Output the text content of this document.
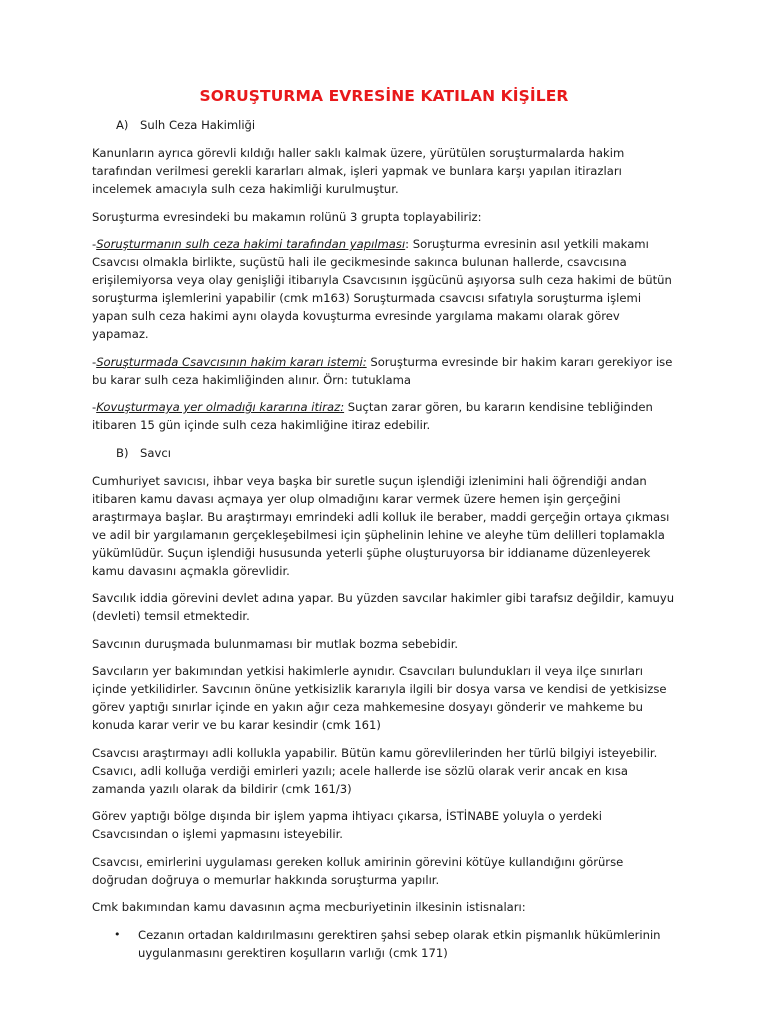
SORUŞTURMA EVRESİNE KATILAN KİŞİLER
A) Sulh Ceza Hakimliği

Kanunların ayrıca görevli kıldığı haller saklı kalmak üzere, yürütülen soruşturmalarda hakim tarafından verilmesi gerekli kararları almak, işleri yapmak ve bunlara karşı yapılan itirazları incelemek amacıyla sulh ceza hakimliği kurulmuştur.

Soruşturma evresindeki bu makamın rolünü 3 grupta toplayabiliriz:

-Soruşturmanın sulh ceza hakimi tarafından yapılması: Soruşturma evresinin asıl yetkili makamı Csavcısı olmakla birlikte, suçüstü hali ile gecikmesinde sakınca bulunan hallerde, csavcısına erişilemiyorsa veya olay genişliği itibarıyla Csavcısının işgücünü aşıyorsa sulh ceza hakimi de bütün soruşturma işlemlerini yapabilir (cmk m163) Soruşturmada csavcısı sıfatıyla soruşturma işlemi yapan sulh ceza hakimi aynı olayda kovuşturma evresinde yargılama makamı olarak görev yapamaz.

-Soruşturmada Csavcısının hakim kararı istemi: Soruşturma evresinde bir hakim kararı gerekiyor ise bu karar sulh ceza hakimliğinden alınır. Örn: tutuklama

-Kovuşturmaya yer olmadığı kararına itiraz: Suçtan zarar gören, bu kararın kendisine tebliğinden itibaren 15 gün içinde sulh ceza hakimliğine itiraz edebilir.

B) Savcı

Cumhuriyet savıcısı, ihbar veya başka bir suretle suçun işlendiği izlenimini hali öğrendiği andan itibaren kamu davası açmaya yer olup olmadığını karar vermek üzere hemen işin gerçeğini araştırmaya başlar. Bu araştırmayı emrindeki adli kolluk ile beraber, maddi gerçeğin ortaya çıkması ve adil bir yargılamanın gerçekleşebilmesi için şüphelinin lehine ve aleyhe tüm delilleri toplamakla yükümlüdür. Suçun işlendiği hususunda yeterli şüphe oluşturuyorsa bir iddianame düzenleyerek kamu davasını açmakla görevlidir.

Savcılık iddia görevini devlet adına yapar. Bu yüzden savcılar hakimler gibi tarafsız değildir, kamuyu (devleti) temsil etmektedir.

Savcının duruşmada bulunmaması bir mutlak bozma sebebidir.

Savcıların yer bakımından yetkisi hakimlerle aynıdır. Csavcıları bulundukları il veya ilçe sınırları içinde yetkilidirler. Savcının önüne yetkisizlik kararıyla ilgili bir dosya varsa ve kendisi de yetkisizse görev yaptığı sınırlar içinde en yakın ağır ceza mahkemesine dosyayı gönderir ve mahkeme bu konuda karar verir ve bu karar kesindir (cmk 161)

Csavcısı araştırmayı adli kollukla yapabilir. Bütün kamu görevlilerinden her türlü bilgiyi isteyebilir. Csavıcı, adli kolluğa verdiği emirleri yazılı; acele hallerde ise sözlü olarak verir ancak en kısa zamanda yazılı olarak da bildirir (cmk 161/3)

Görev yaptığı bölge dışında bir işlem yapma ihtiyacı çıkarsa, İSTİNABE yoluyla o yerdeki Csavcısından o işlemi yapmasını isteyebilir.

Csavcısı, emirlerini uygulaması gereken kolluk amirinin görevini kötüye kullandığını görürse doğrudan doğruya o memurlar hakkında soruşturma yapılır.

Cmk bakımından kamu davasının açma mecburiyetinin ilkesinin istisnaları:

•	Cezanın ortadan kaldırılmasını gerektiren şahsi sebep olarak etkin pişmanlık hükümlerinin uygulanmasını gerektiren koşulların varlığı (cmk 171)
